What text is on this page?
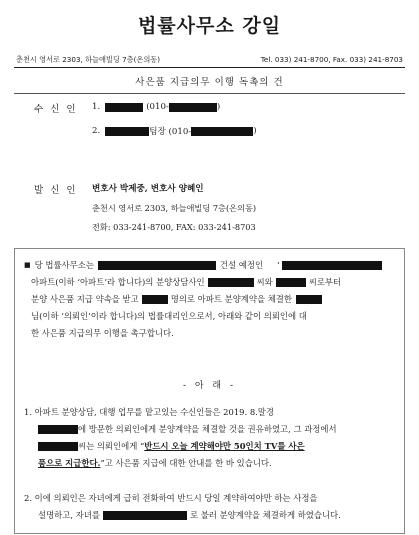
법률사무소 강일
춘천시 영서로 2303, 하늘애빌딩 7층(온의동)	Tel. 033) 241-8700, Fax. 033) 241-8703
사은품 지급의무 이행 독촉의 건
수 신 인 1.	(010-	)
2.	팀장 (010-	)
발 신 인 변호사 박제중, 변호사 양혜인
춘천시 영서로 2303, 하늘애빌딩 7층(온의동)
전화: 033-241-8700, FAX: 033-241-8703
■ 당 법률사무소는	건설 예정인 ‘
아파트(이하 ‘아파트’라 합니다)의 분양상담사인	씨와	씨로부터
분양 사은품 지급 약속을 받고	명의로 아파트 분양계약을 체결한
님(이하 ‘의뢰인’이라 합니다)의 법률대리인으로서, 아래와 같이 의뢰인에 대
한 사은품 지급의무 이행을 촉구합니다.
- 아 래 -
1. 아파트 분양상담, 대행 업무를 맡고있는 수신인들은 2019. 8.말경
에 방문한 의뢰인에게 분양계약을 체결할 것을 권유하였고, 그 과정에서
씨는 의뢰인에게 “ 반드시 오늘 계약해야만 50인치 TV를 사은
품으로 지급한다. ”고 사은품 지급에 대한 안내를 한 바 있습니다.
2. 이에 의뢰인은 자녀에게 급히 전화하여 반드시 당일 계약하여야만 하는 사정을
설명하고, 자녀를	로 불러 분양계약을 체결하게 하였습니다.
